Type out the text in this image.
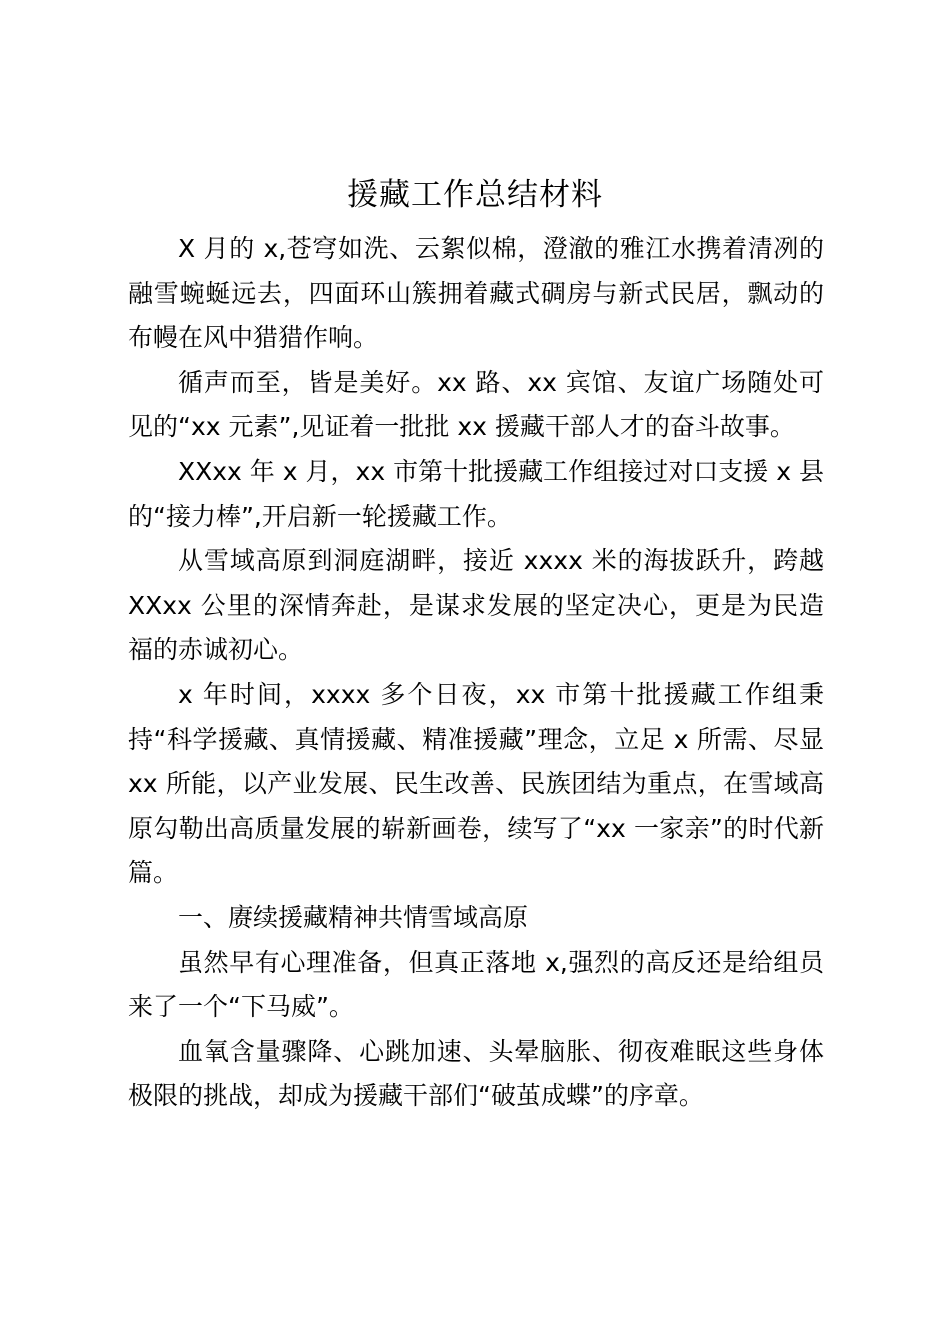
援藏工作总结材料

X 月的 x,苍穹如洗、云絮似棉，澄澈的雅江水携着清冽的融雪蜿蜒远去，四面环山簇拥着藏式碉房与新式民居，飘动的布幔在风中猎猎作响。

循声而至，皆是美好。xx 路、xx 宾馆、友谊广场随处可见的“xx 元素”,见证着一批批 xx 援藏干部人才的奋斗故事。

XXxx 年 x 月，xx 市第十批援藏工作组接过对口支援 x 县的“接力棒”,开启新一轮援藏工作。

从雪域高原到洞庭湖畔，接近 xxxx 米的海拔跃升，跨越 XXxx 公里的深情奔赴，是谋求发展的坚定决心，更是为民造福的赤诚初心。

x 年时间，xxxx 多个日夜，xx 市第十批援藏工作组秉持“科学援藏、真情援藏、精准援藏”理念，立足 x 所需、尽显 xx 所能，以产业发展、民生改善、民族团结为重点，在雪域高原勾勒出高质量发展的崭新画卷，续写了“xx 一家亲”的时代新篇。

一、赓续援藏精神共情雪域高原

虽然早有心理准备，但真正落地 x,强烈的高反还是给组员来了一个“下马威”。

血氧含量骤降、心跳加速、头晕脑胀、彻夜难眠这些身体极限的挑战，却成为援藏干部们“破茧成蝶”的序章。
